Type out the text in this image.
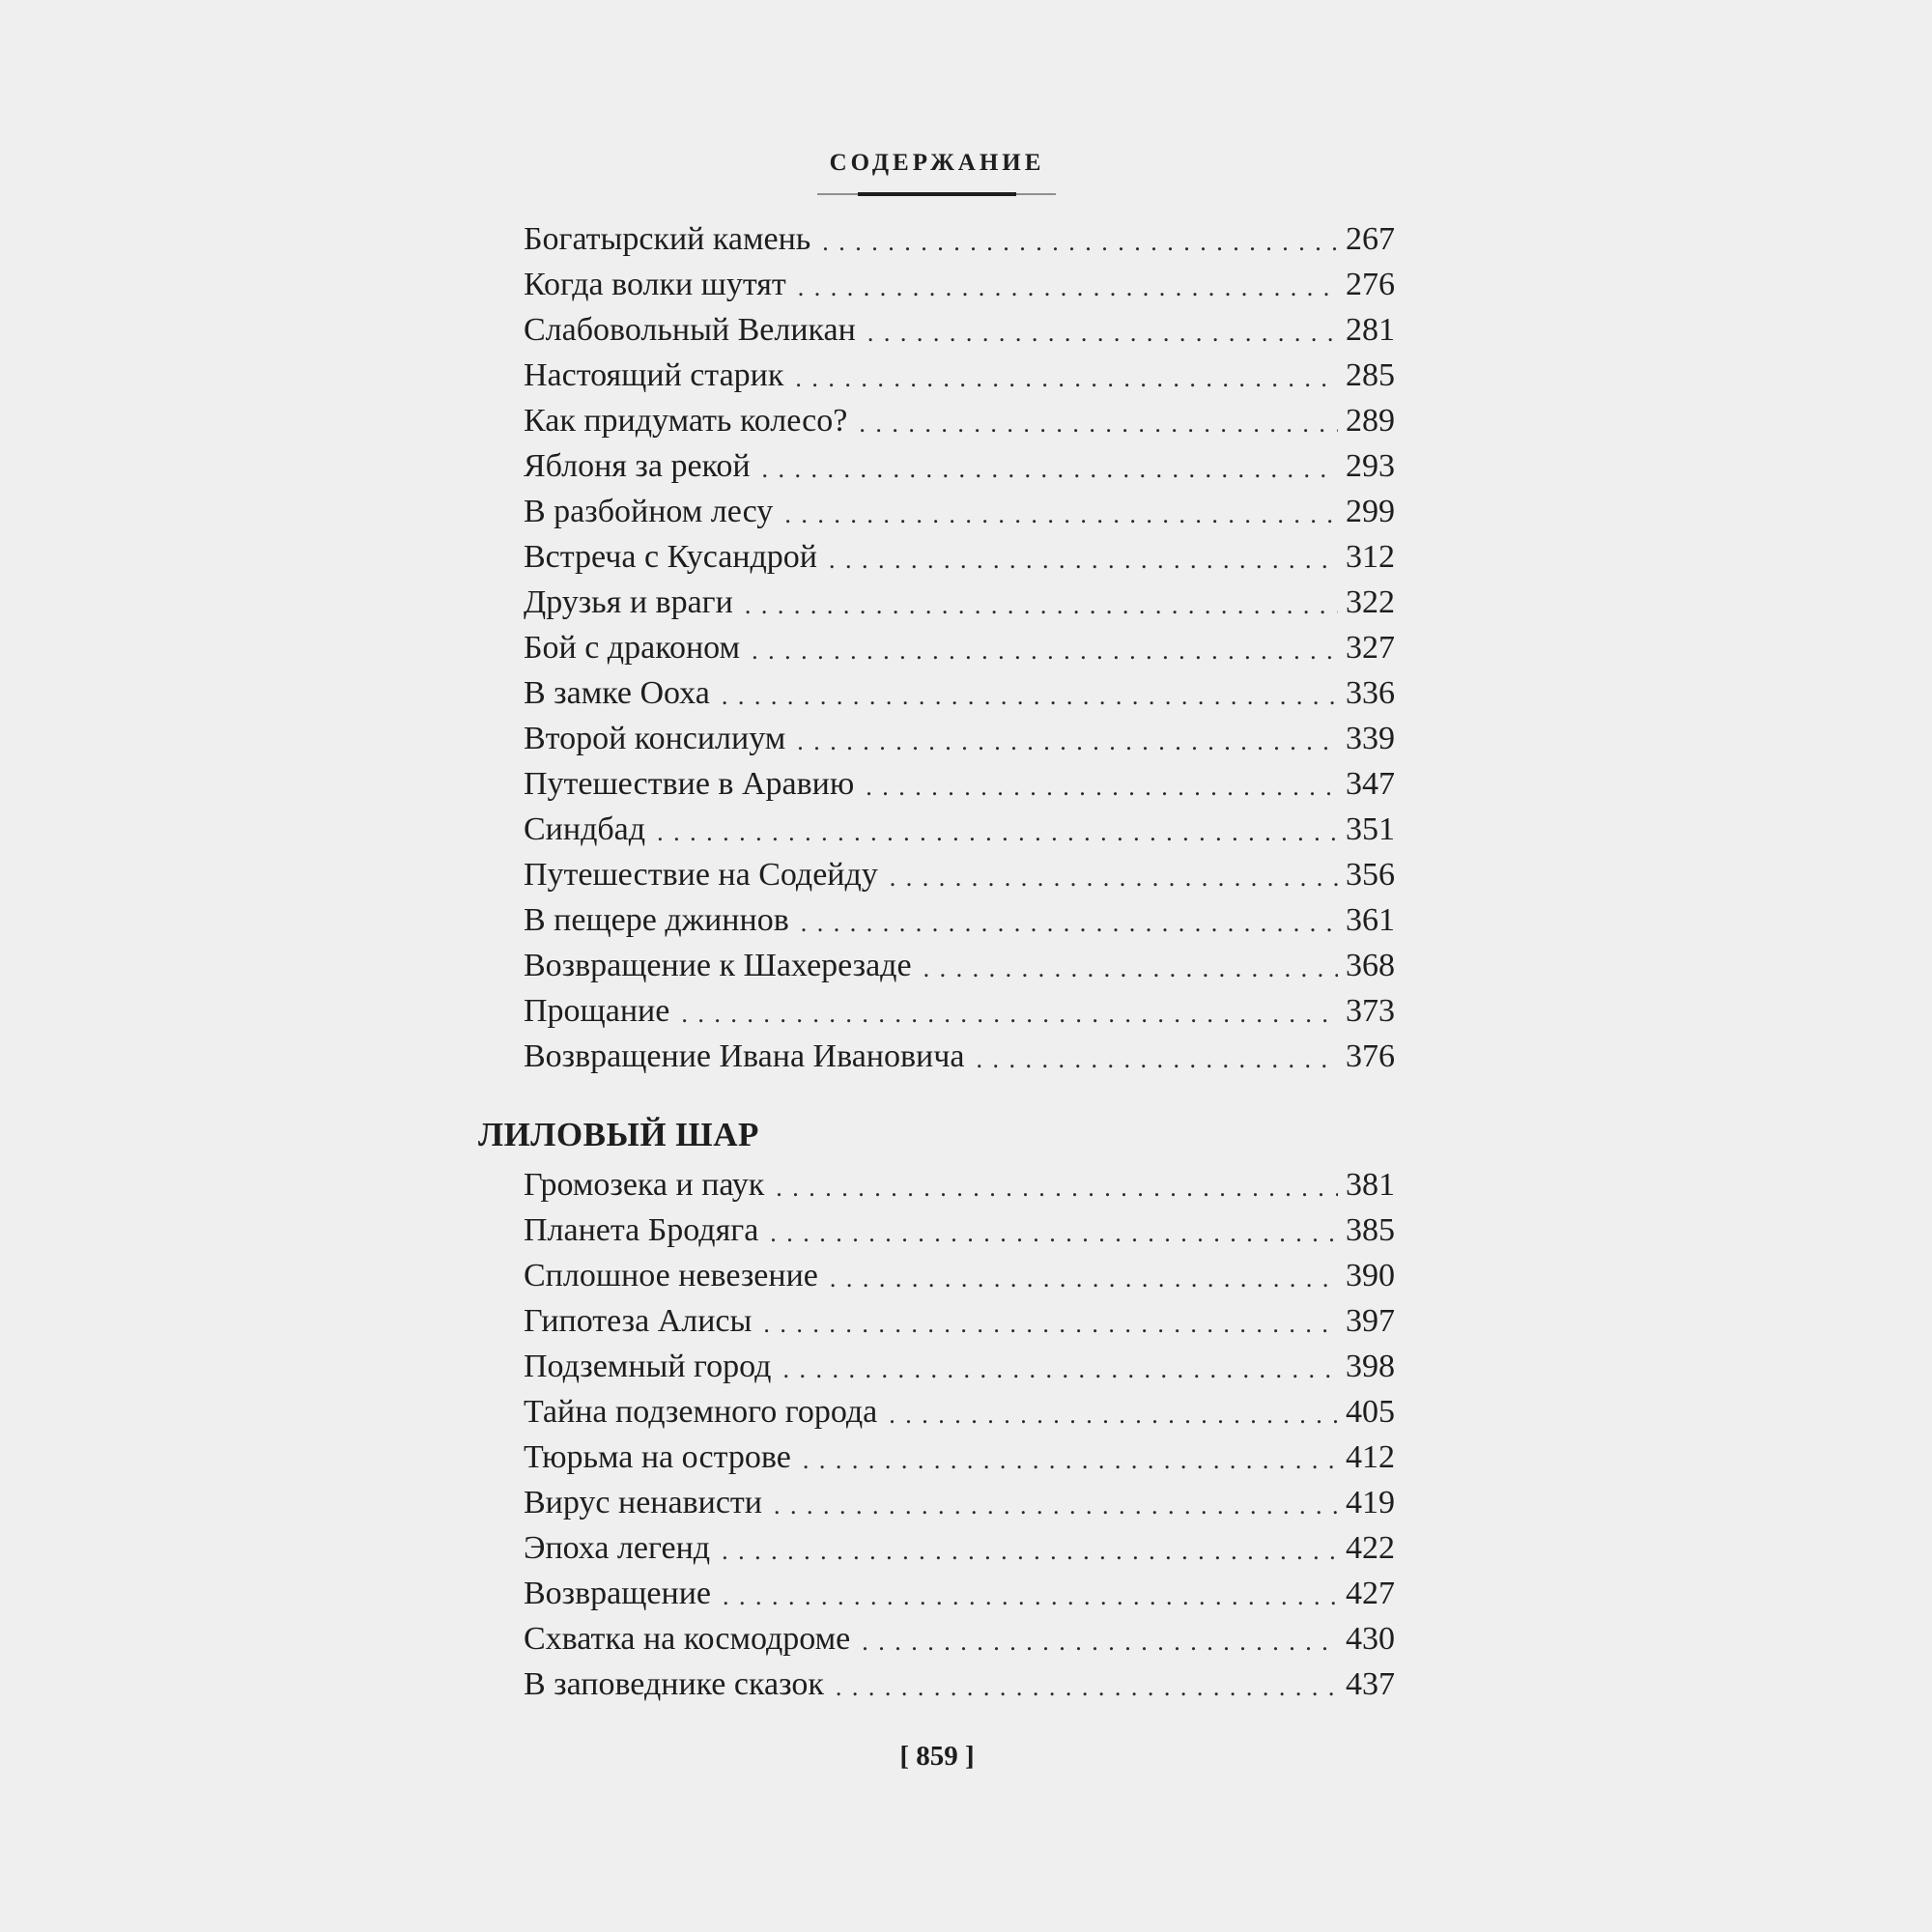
СОДЕРЖАНИЕ
Богатырский камень . . .	267
Когда волки шутят . . .	276
Слабовольный Великан . . .	281
Настоящий старик . . .	285
Как придумать колесо? . . .	289
Яблоня за рекой . . .	293
В разбойном лесу . . .	299
Встреча с Кусандрой . . .	312
Друзья и враги . . .	322
Бой с драконом . . .	327
В замке Ооха . . .	336
Второй консилиум . . .	339
Путешествие в Аравию . . .	347
Синдбад . . .	351
Путешествие на Содейду . . .	356
В пещере джиннов . . .	361
Возвращение к Шахерезаде . . .	368
Прощание . . .	373
Возвращение Ивана Ивановича . . .	376
ЛИЛОВЫЙ ШАР
Громозека и паук . . .	381
Планета Бродяга . . .	385
Сплошное невезение . . .	390
Гипотеза Алисы . . .	397
Подземный город . . .	398
Тайна подземного города . . .	405
Тюрьма на острове . . .	412
Вирус ненависти . . .	419
Эпоха легенд . . .	422
Возвращение . . .	427
Схватка на космодроме . . .	430
В заповеднике сказок . . .	437
[ 859 ]
